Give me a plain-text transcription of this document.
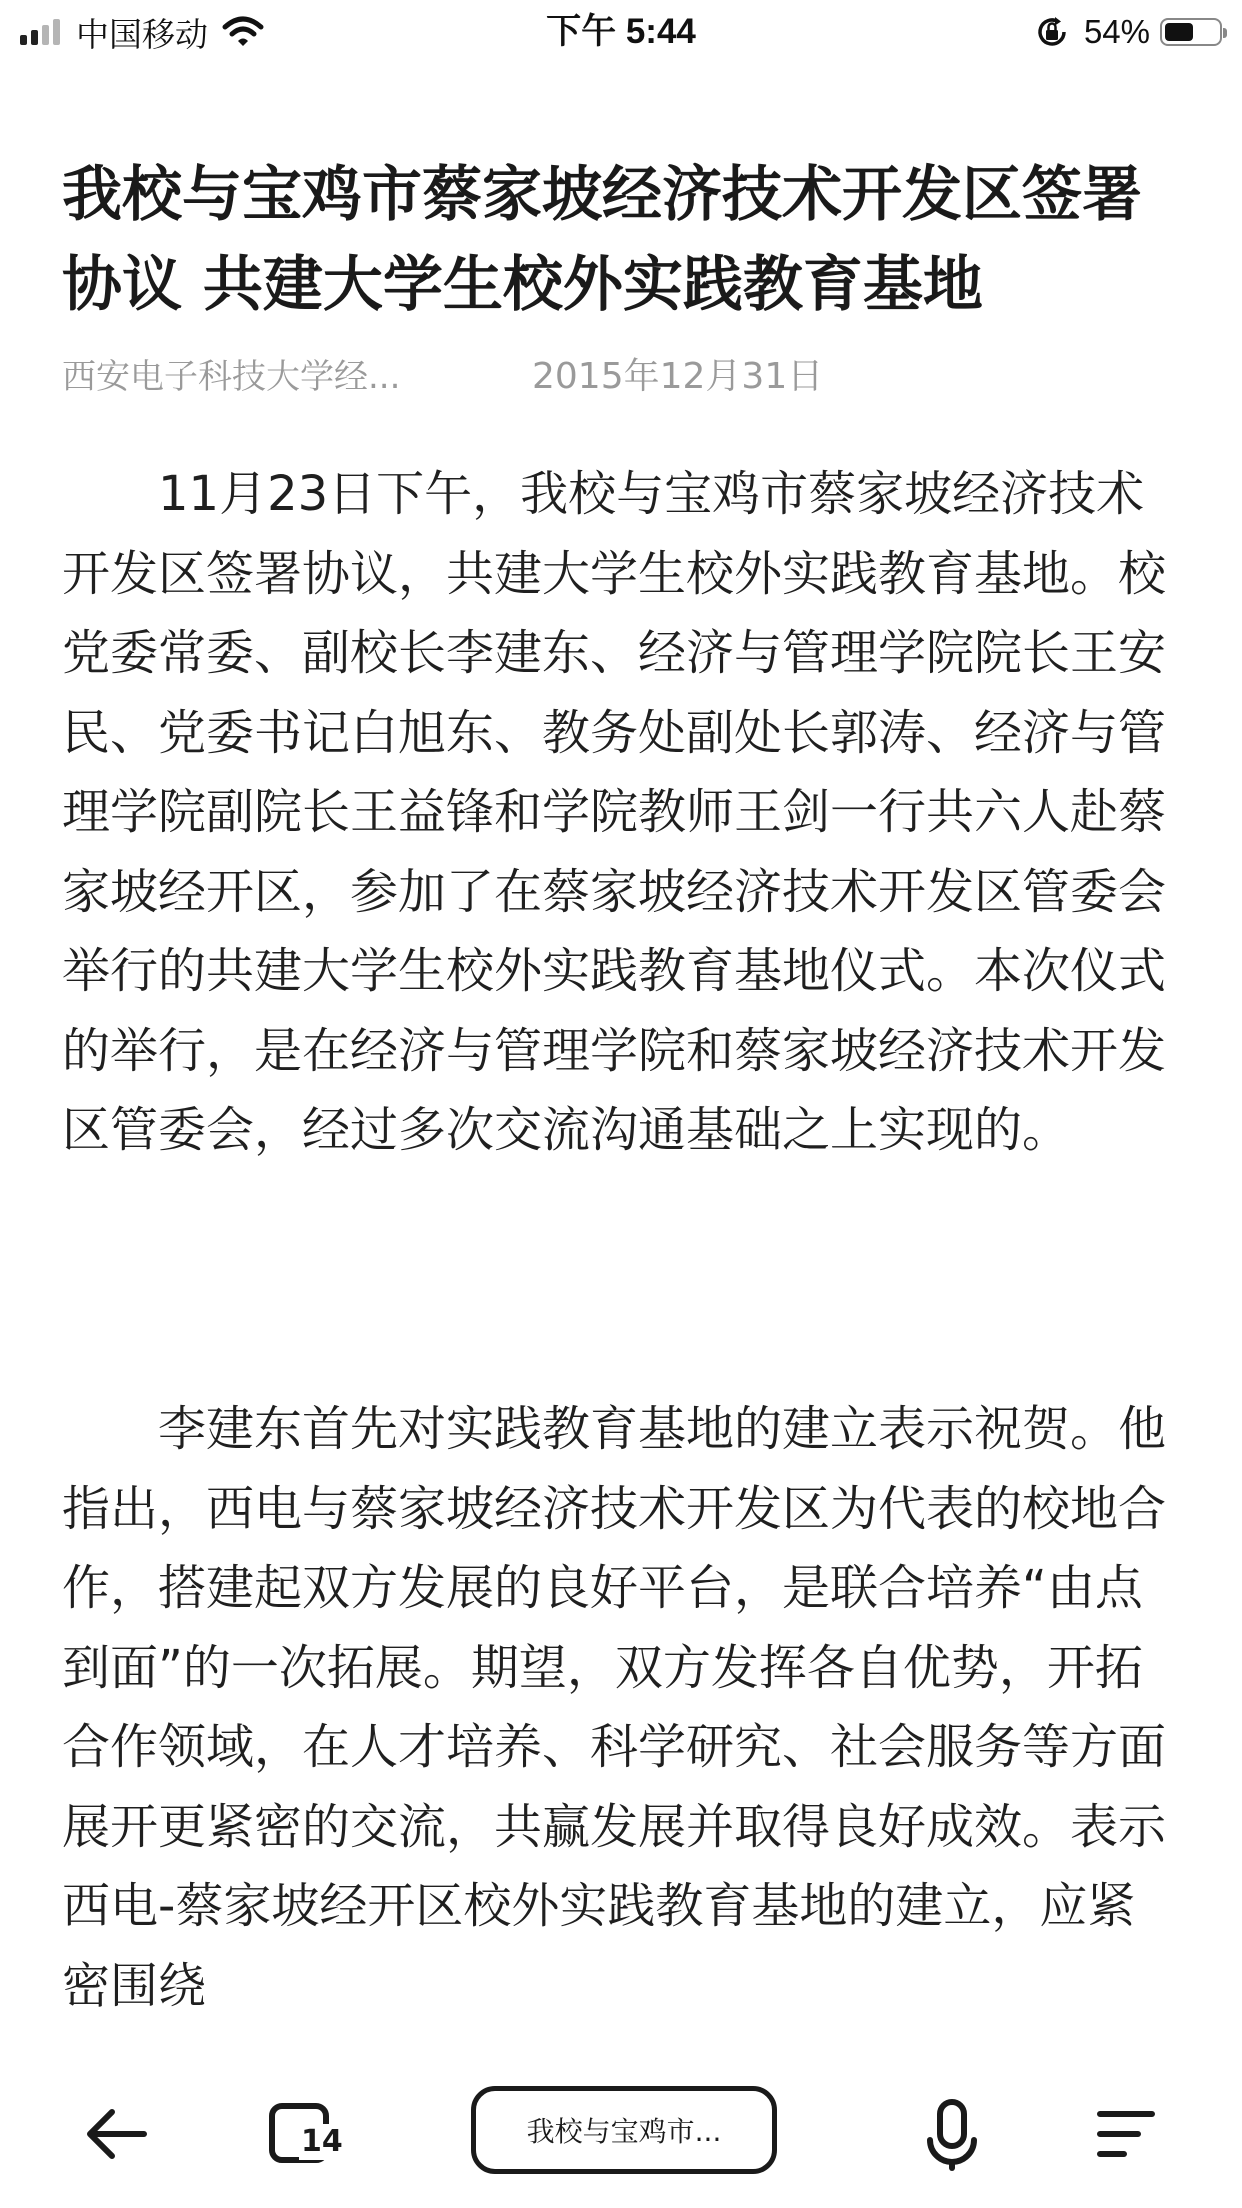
中国移动	下午 5:44	54%
我校与宝鸡市蔡家坡经济技术开发区签署协议 共建大学生校外实践教育基地
西安电子科技大学经...	2015年12月31日

11月23日下午，我校与宝鸡市蔡家坡经济技术开发区签署协议，共建大学生校外实践教育基地。校党委常委、副校长李建东、经济与管理学院院长王安民、党委书记白旭东、教务处副处长郭涛、经济与管理学院副院长王益锋和学院教师王剑一行共六人赴蔡家坡经开区，参加了在蔡家坡经济技术开发区管委会举行的共建大学生校外实践教育基地仪式。本次仪式的举行，是在经济与管理学院和蔡家坡经济技术开发区管委会，经过多次交流沟通基础之上实现的。

李建东首先对实践教育基地的建立表示祝贺。他指出，西电与蔡家坡经济技术开发区为代表的校地合作，搭建起双方发展的良好平台，是联合培养“由点到面”的一次拓展。期望，双方发挥各自优势，开拓合作领域，在人才培养、科学研究、社会服务等方面展开更紧密的交流，共赢发展并取得良好成效。表示西电-蔡家坡经开区校外实践教育基地的建立，应紧密围绕

14	我校与宝鸡市...
